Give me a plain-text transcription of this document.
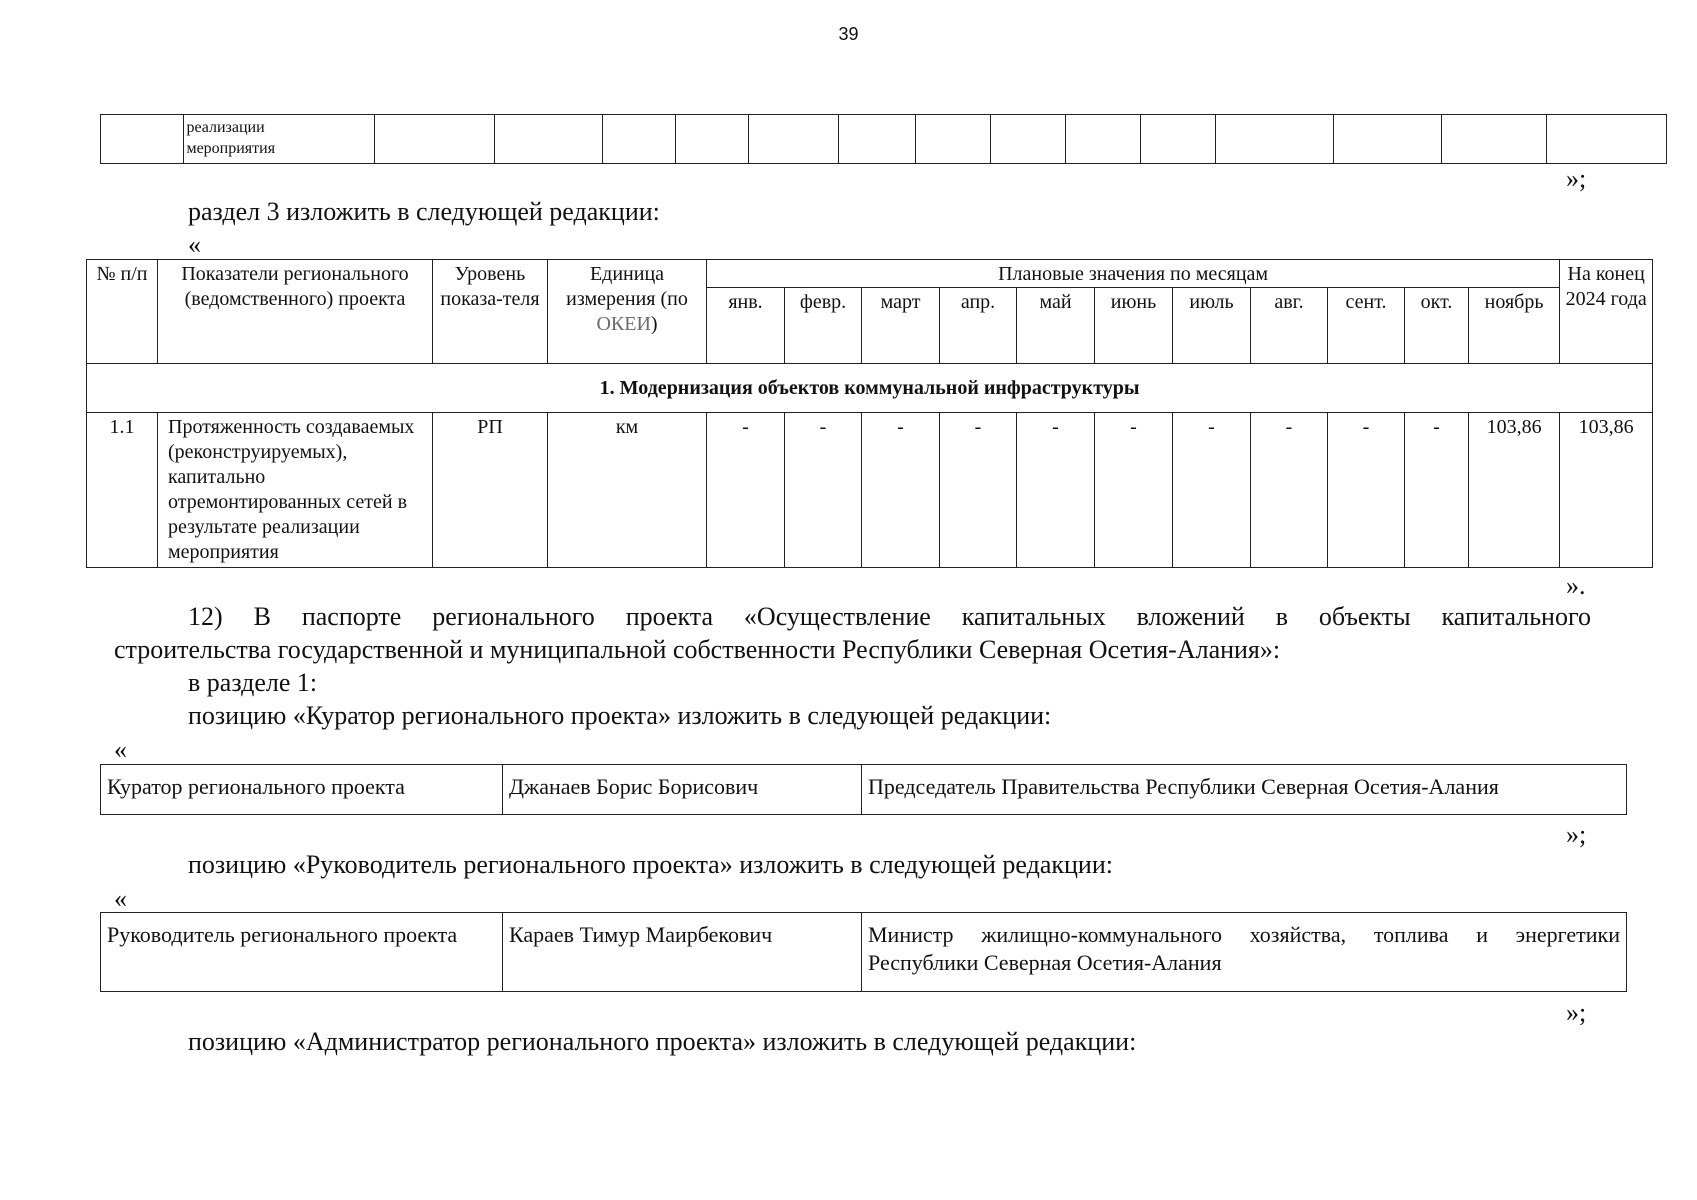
39

реализации мероприятия

»;
раздел 3 изложить в следующей редакции:
«
№ п/п	Показатели регионального (ведомственного) проекта	Уровень показа-теля	Единица измерения (по ОКЕИ)	Плановые значения по месяцам											На конец 2024 года
				янв.	февр.	март	апр.	май	июнь	июль	авг.	сент.	окт.	ноябрь	
1. Модернизация объектов коммунальной инфраструктуры															
1.1	Протяженность создаваемых (реконструируемых), капитально отремонтированных сетей в результате реализации мероприятия	РП	км	-	-	-	-	-	-	-	-	-	-	103,86	103,86
».
12) В паспорте регионального проекта «Осуществление капитальных вложений в объекты капитального
строительства государственной и муниципальной собственности Республики Северная Осетия-Алания»:
в разделе 1:
позицию «Куратор регионального проекта» изложить в следующей редакции:
«
Куратор регионального проекта	Джанаев Борис Борисович	Председатель Правительства Республики Северная Осетия-Алания
»;
позицию «Руководитель регионального проекта» изложить в следующей редакции:
«
Руководитель регионального проекта	Караев Тимур Маирбекович	Министр жилищно-коммунального хозяйства, топлива и энергетики Республики Северная Осетия-Алания
»;
позицию «Администратор регионального проекта» изложить в следующей редакции:
